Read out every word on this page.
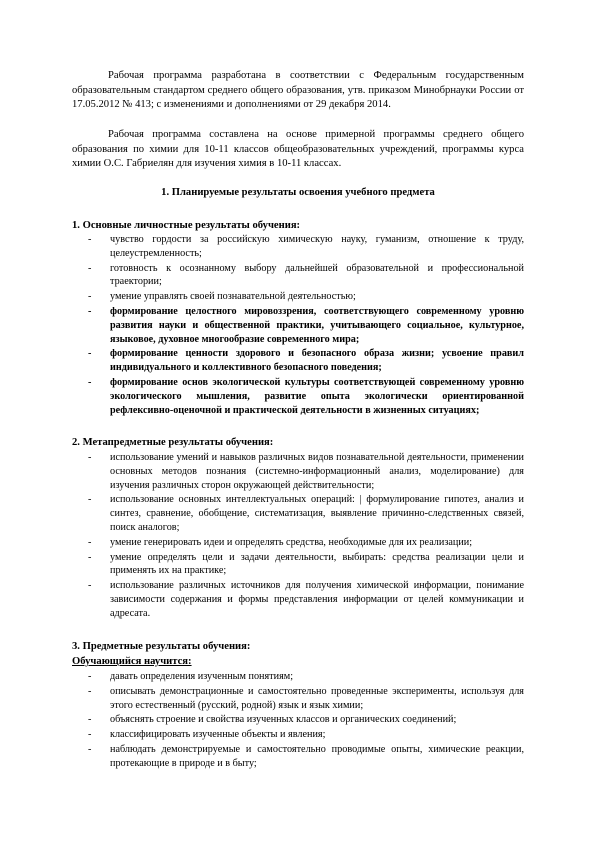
Рабочая программа разработана в соответствии с Федеральным государственным образовательным стандартом среднего общего образования, утв. приказом Минобрнауки России от 17.05.2012 № 413; с изменениями и дополнениями от 29 декабря 2014.

Рабочая программа составлена на основе примерной программы среднего общего образования по химии для 10-11 классов общеобразовательных учреждений, программы курса химии О.С. Габриелян для изучения химия в 10-11 классах.

1. Планируемые результаты освоения учебного предмета
1. Основные личностные результаты обучения:
- чувство гордости за российскую химическую науку, гуманизм, отношение к труду, целеустремленность;
- готовность к осознанному выбору дальнейшей образовательной и профессиональной траектории;
- умение управлять своей познавательной деятельностью;
- формирование целостного мировоззрения, соответствующего современному уровню развития науки и общественной практики, учитывающего социальное, культурное, языковое, духовное многообразие современного мира;
- формирование ценности здорового и безопасного образа жизни; усвоение правил индивидуального и коллективного безопасного поведения;
- формирование основ экологической культуры соответствующей современному уровню экологического мышления, развитие опыта экологически ориентированной рефлексивно-оценочной и практической деятельности в жизненных ситуациях;
2. Метапредметные результаты обучения:
- использование умений и навыков различных видов познавательной деятельности, применении основных методов познания (системно-информационный анализ, моделирование) для изучения различных сторон окружающей действительности;
- использование основных интеллектуальных операций: | формулирование гипотез, анализ и синтез, сравнение, обобщение, систематизация, выявление причинно-следственных связей, поиск аналогов;
- умение генерировать идеи и определять средства, необходимые для их реализации;
- умение определять цели и задачи деятельности, выбирать: средства реализации цели и применять их на практике;
- использование различных источников для получения химической информации, понимание зависимости содержания и формы представления информации от целей коммуникации и адресата.
3. Предметные результаты обучения:
Обучающийся научится:
- давать определения изученным понятиям;
- описывать демонстрационные и самостоятельно проведенные эксперименты, используя для этого естественный (русский, родной) язык и язык химии;
- объяснять строение и свойства изученных классов и органических соединений;
- классифицировать изученные объекты и явления;
- наблюдать демонстрируемые и самостоятельно проводимые опыты, химические реакции, протекающие в природе и в быту;
